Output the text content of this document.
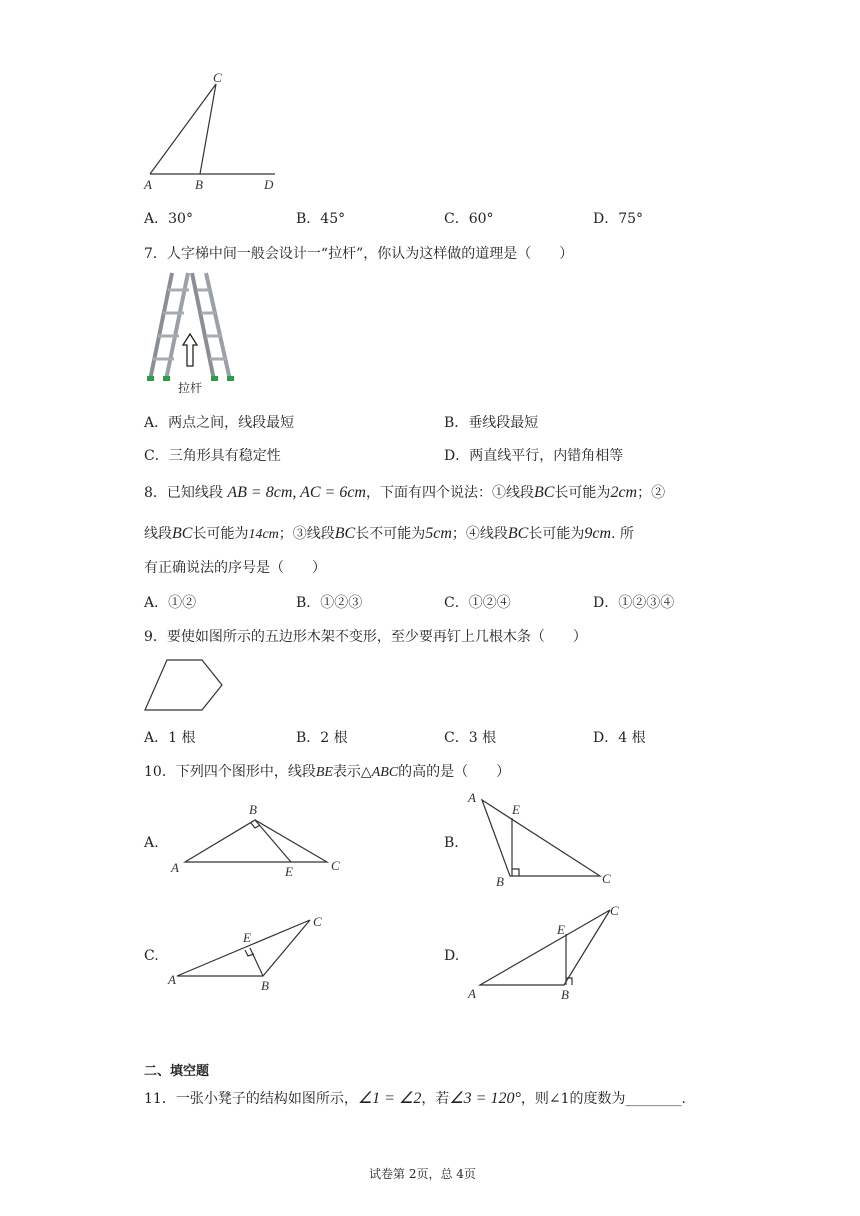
C
A	B	D
A．30°	B．45°	C．60°	D．75°
7．人字梯中间一般会设计一“拉杆”，你认为这样做的道理是（　　）
拉杆
A．两点之间，线段最短	B．垂线段最短
C．三角形具有稳定性	D．两直线平行，内错角相等
8．已知线段 AB = 8cm, AC = 6cm，下面有四个说法：①线段BC长可能为2cm；②
线段BC长可能为14cm；③线段BC长不可能为5cm；④线段BC长可能为9cm. 所
有正确说法的序号是（　　）
A．①②	B．①②③	C．①②④	D．①②③④
9．要使如图所示的五边形木架不变形，至少要再钉上几根木条（　　）
A．1 根	B．2 根	C．3 根	D．4 根
10．下列四个图形中，线段BE表示△ABC的高的是（　　）
A.
B
A	E	C
B.
A
E
B	C
C.
C
E
A	B
D.
C
E
A	B
二、填空题
11．一张小凳子的结构如图所示，∠1 = ∠2，若∠3 = 120°，则∠1的度数为________.
试卷第 2页，总 4页
